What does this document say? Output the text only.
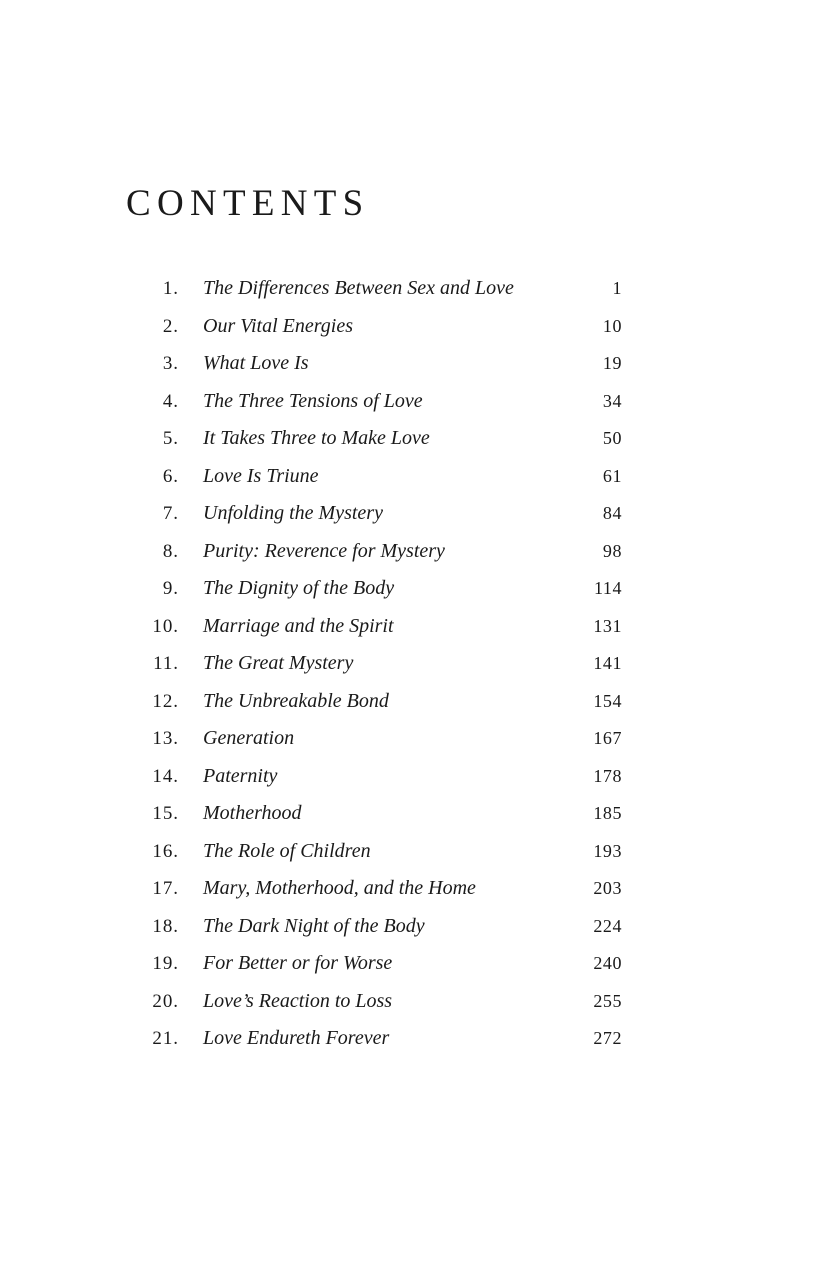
CONTENTS
1. The Differences Between Sex and Love	1
2. Our Vital Energies	10
3. What Love Is	19
4. The Three Tensions of Love	34
5. It Takes Three to Make Love	50
6. Love Is Triune	61
7. Unfolding the Mystery	84
8. Purity: Reverence for Mystery	98
9. The Dignity of the Body	114
10. Marriage and the Spirit	131
11. The Great Mystery	141
12. The Unbreakable Bond	154
13. Generation	167
14. Paternity	178
15. Motherhood	185
16. The Role of Children	193
17. Mary, Motherhood, and the Home	203
18. The Dark Night of the Body	224
19. For Better or for Worse	240
20. Love’s Reaction to Loss	255
21. Love Endureth Forever	272
